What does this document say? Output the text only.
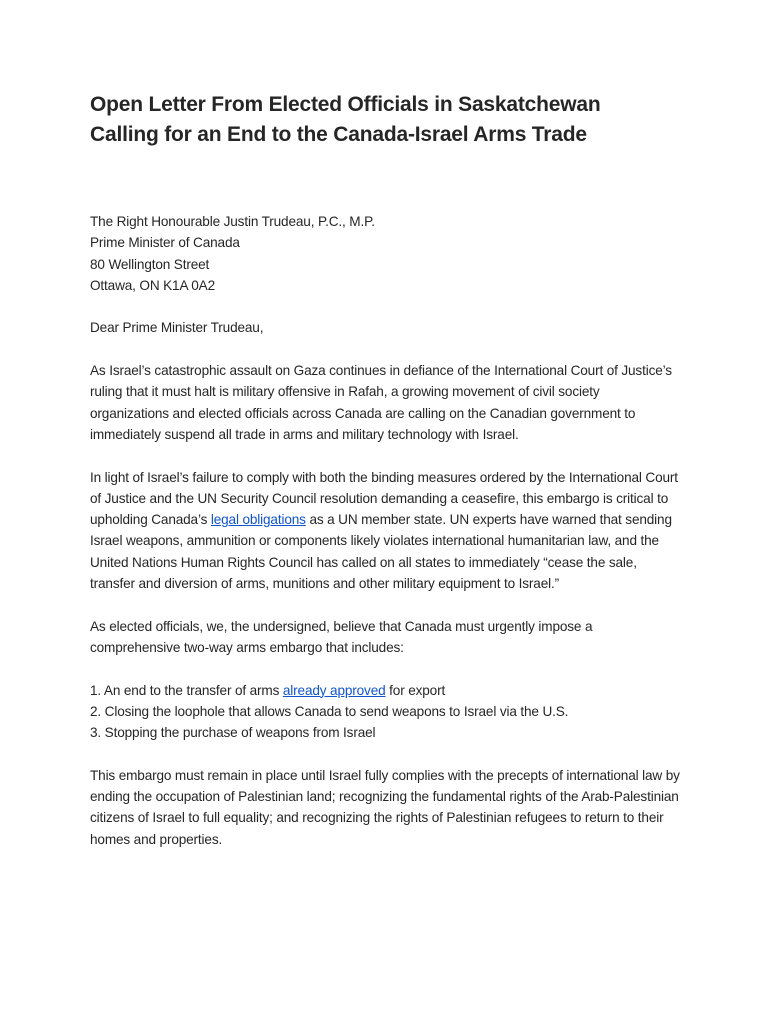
Open Letter From Elected Officials in Saskatchewan
Calling for an End to the Canada-Israel Arms Trade

The Right Honourable Justin Trudeau, P.C., M.P.
Prime Minister of Canada
80 Wellington Street
Ottawa, ON K1A 0A2

Dear Prime Minister Trudeau,

As Israel’s catastrophic assault on Gaza continues in defiance of the International Court of Justice’s ruling that it must halt is military offensive in Rafah, a growing movement of civil society organizations and elected officials across Canada are calling on the Canadian government to immediately suspend all trade in arms and military technology with Israel.

In light of Israel’s failure to comply with both the binding measures ordered by the International Court of Justice and the UN Security Council resolution demanding a ceasefire, this embargo is critical to upholding Canada’s legal obligations as a UN member state. UN experts have warned that sending Israel weapons, ammunition or components likely violates international humanitarian law, and the United Nations Human Rights Council has called on all states to immediately “cease the sale, transfer and diversion of arms, munitions and other military equipment to Israel.”

As elected officials, we, the undersigned, believe that Canada must urgently impose a comprehensive two-way arms embargo that includes:

1. An end to the transfer of arms already approved for export
2. Closing the loophole that allows Canada to send weapons to Israel via the U.S.
3. Stopping the purchase of weapons from Israel

This embargo must remain in place until Israel fully complies with the precepts of international law by ending the occupation of Palestinian land; recognizing the fundamental rights of the Arab-Palestinian citizens of Israel to full equality; and recognizing the rights of Palestinian refugees to return to their homes and properties.
